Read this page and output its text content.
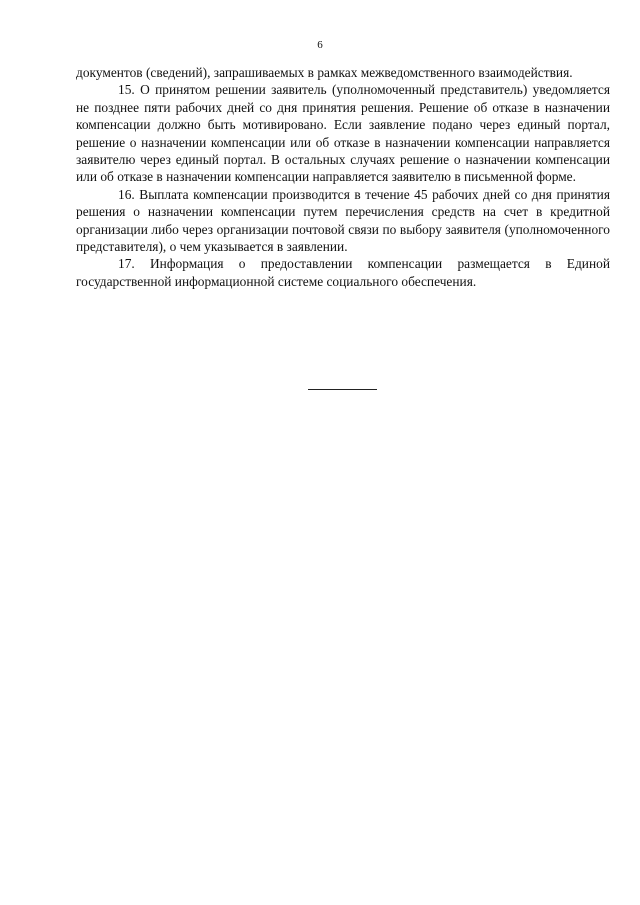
6

документов (сведений), запрашиваемых в рамках межведомственного взаимодействия.

15. О принятом решении заявитель (уполномоченный представитель) уведомляется не позднее пяти рабочих дней со дня принятия решения. Решение об отказе в назначении компенсации должно быть мотивировано. Если заявление подано через единый портал, решение о назначении компенсации или об отказе в назначении компенсации направляется заявителю через единый портал. В остальных случаях решение о назначении компенсации или об отказе в назначении компенсации направляется заявителю в письменной форме.

16. Выплата компенсации производится в течение 45 рабочих дней со дня принятия решения о назначении компенсации путем перечисления средств на счет в кредитной организации либо через организации почтовой связи по выбору заявителя (уполномоченного представителя), о чем указывается в заявлении.

17. Информация о предоставлении компенсации размещается в Единой государственной информационной системе социального обеспечения.
